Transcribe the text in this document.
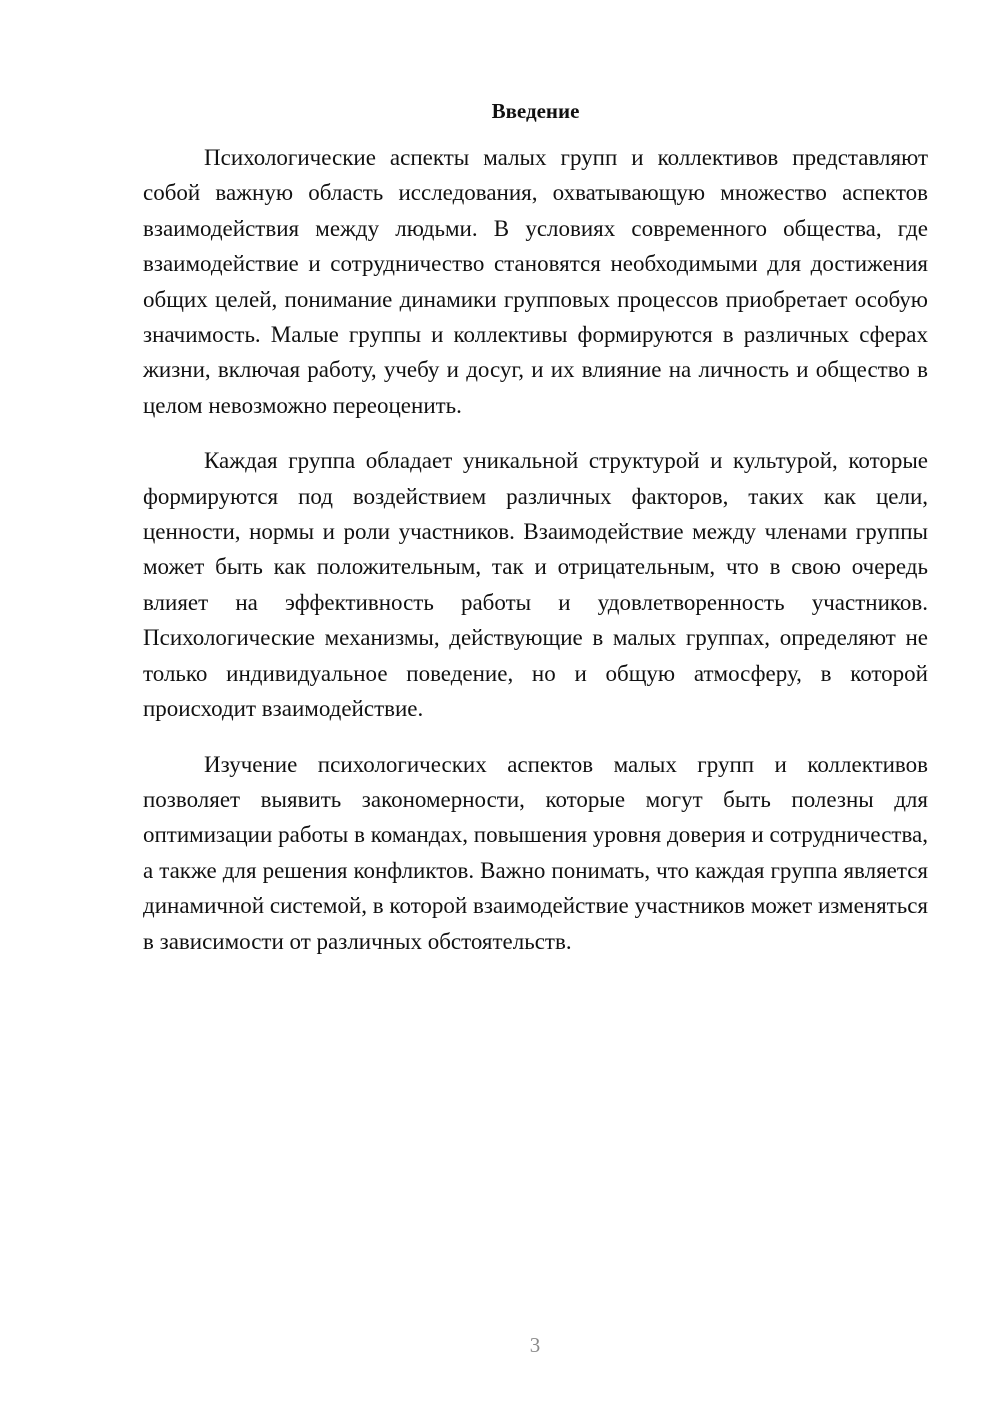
Введение

Психологические аспекты малых групп и коллективов представляют собой важную область исследования, охватывающую множество аспектов взаимодействия между людьми. В условиях современного общества, где взаимодействие и сотрудничество становятся необходимыми для достижения общих целей, понимание динамики групповых процессов приобретает особую значимость. Малые группы и коллективы формируются в различных сферах жизни, включая работу, учебу и досуг, и их влияние на личность и общество в целом невозможно переоценить.

Каждая группа обладает уникальной структурой и культурой, которые формируются под воздействием различных факторов, таких как цели, ценности, нормы и роли участников. Взаимодействие между членами группы может быть как положительным, так и отрицательным, что в свою очередь влияет на эффективность работы и удовлетворенность участников. Психологические механизмы, действующие в малых группах, определяют не только индивидуальное поведение, но и общую атмосферу, в которой происходит взаимодействие.

Изучение психологических аспектов малых групп и коллективов позволяет выявить закономерности, которые могут быть полезны для оптимизации работы в командах, повышения уровня доверия и сотрудничества, а также для решения конфликтов. Важно понимать, что каждая группа является динамичной системой, в которой взаимодействие участников может изменяться в зависимости от различных обстоятельств.

3
